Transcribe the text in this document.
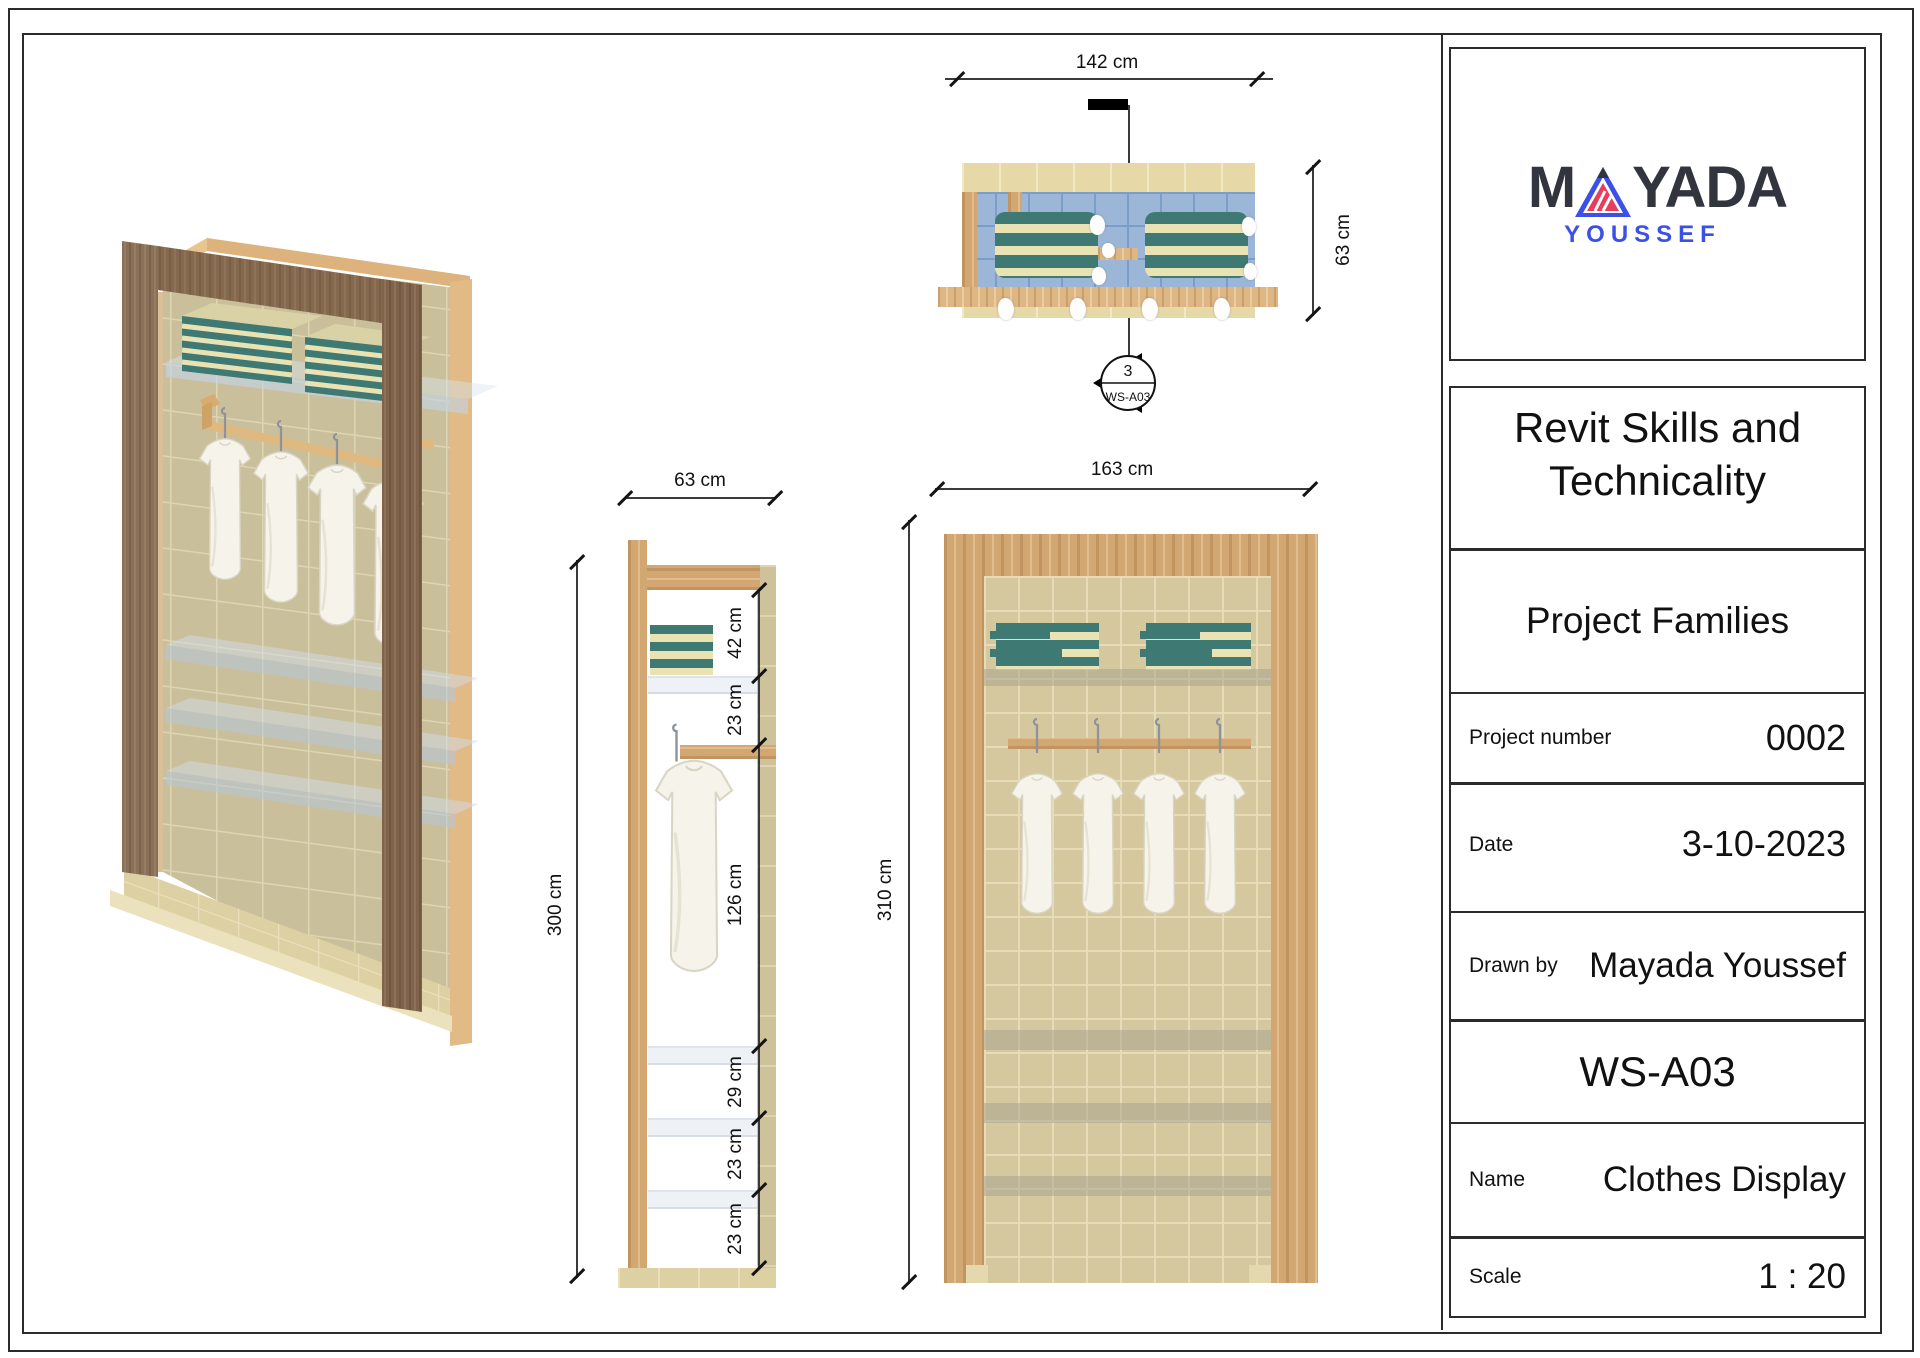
142 cm
63 cm
3
WS-A03
63 cm
300 cm
42 cm
23 cm
126 cm
29 cm
23 cm
23 cm
163 cm
310 cm
M YADA
YOUSSEF
Revit Skills and Technicality
Project Families
Project number	0002
Date	3-10-2023
Drawn by Mayada Youssef
WS-A03
Name Clothes Display
Scale	1 : 20
